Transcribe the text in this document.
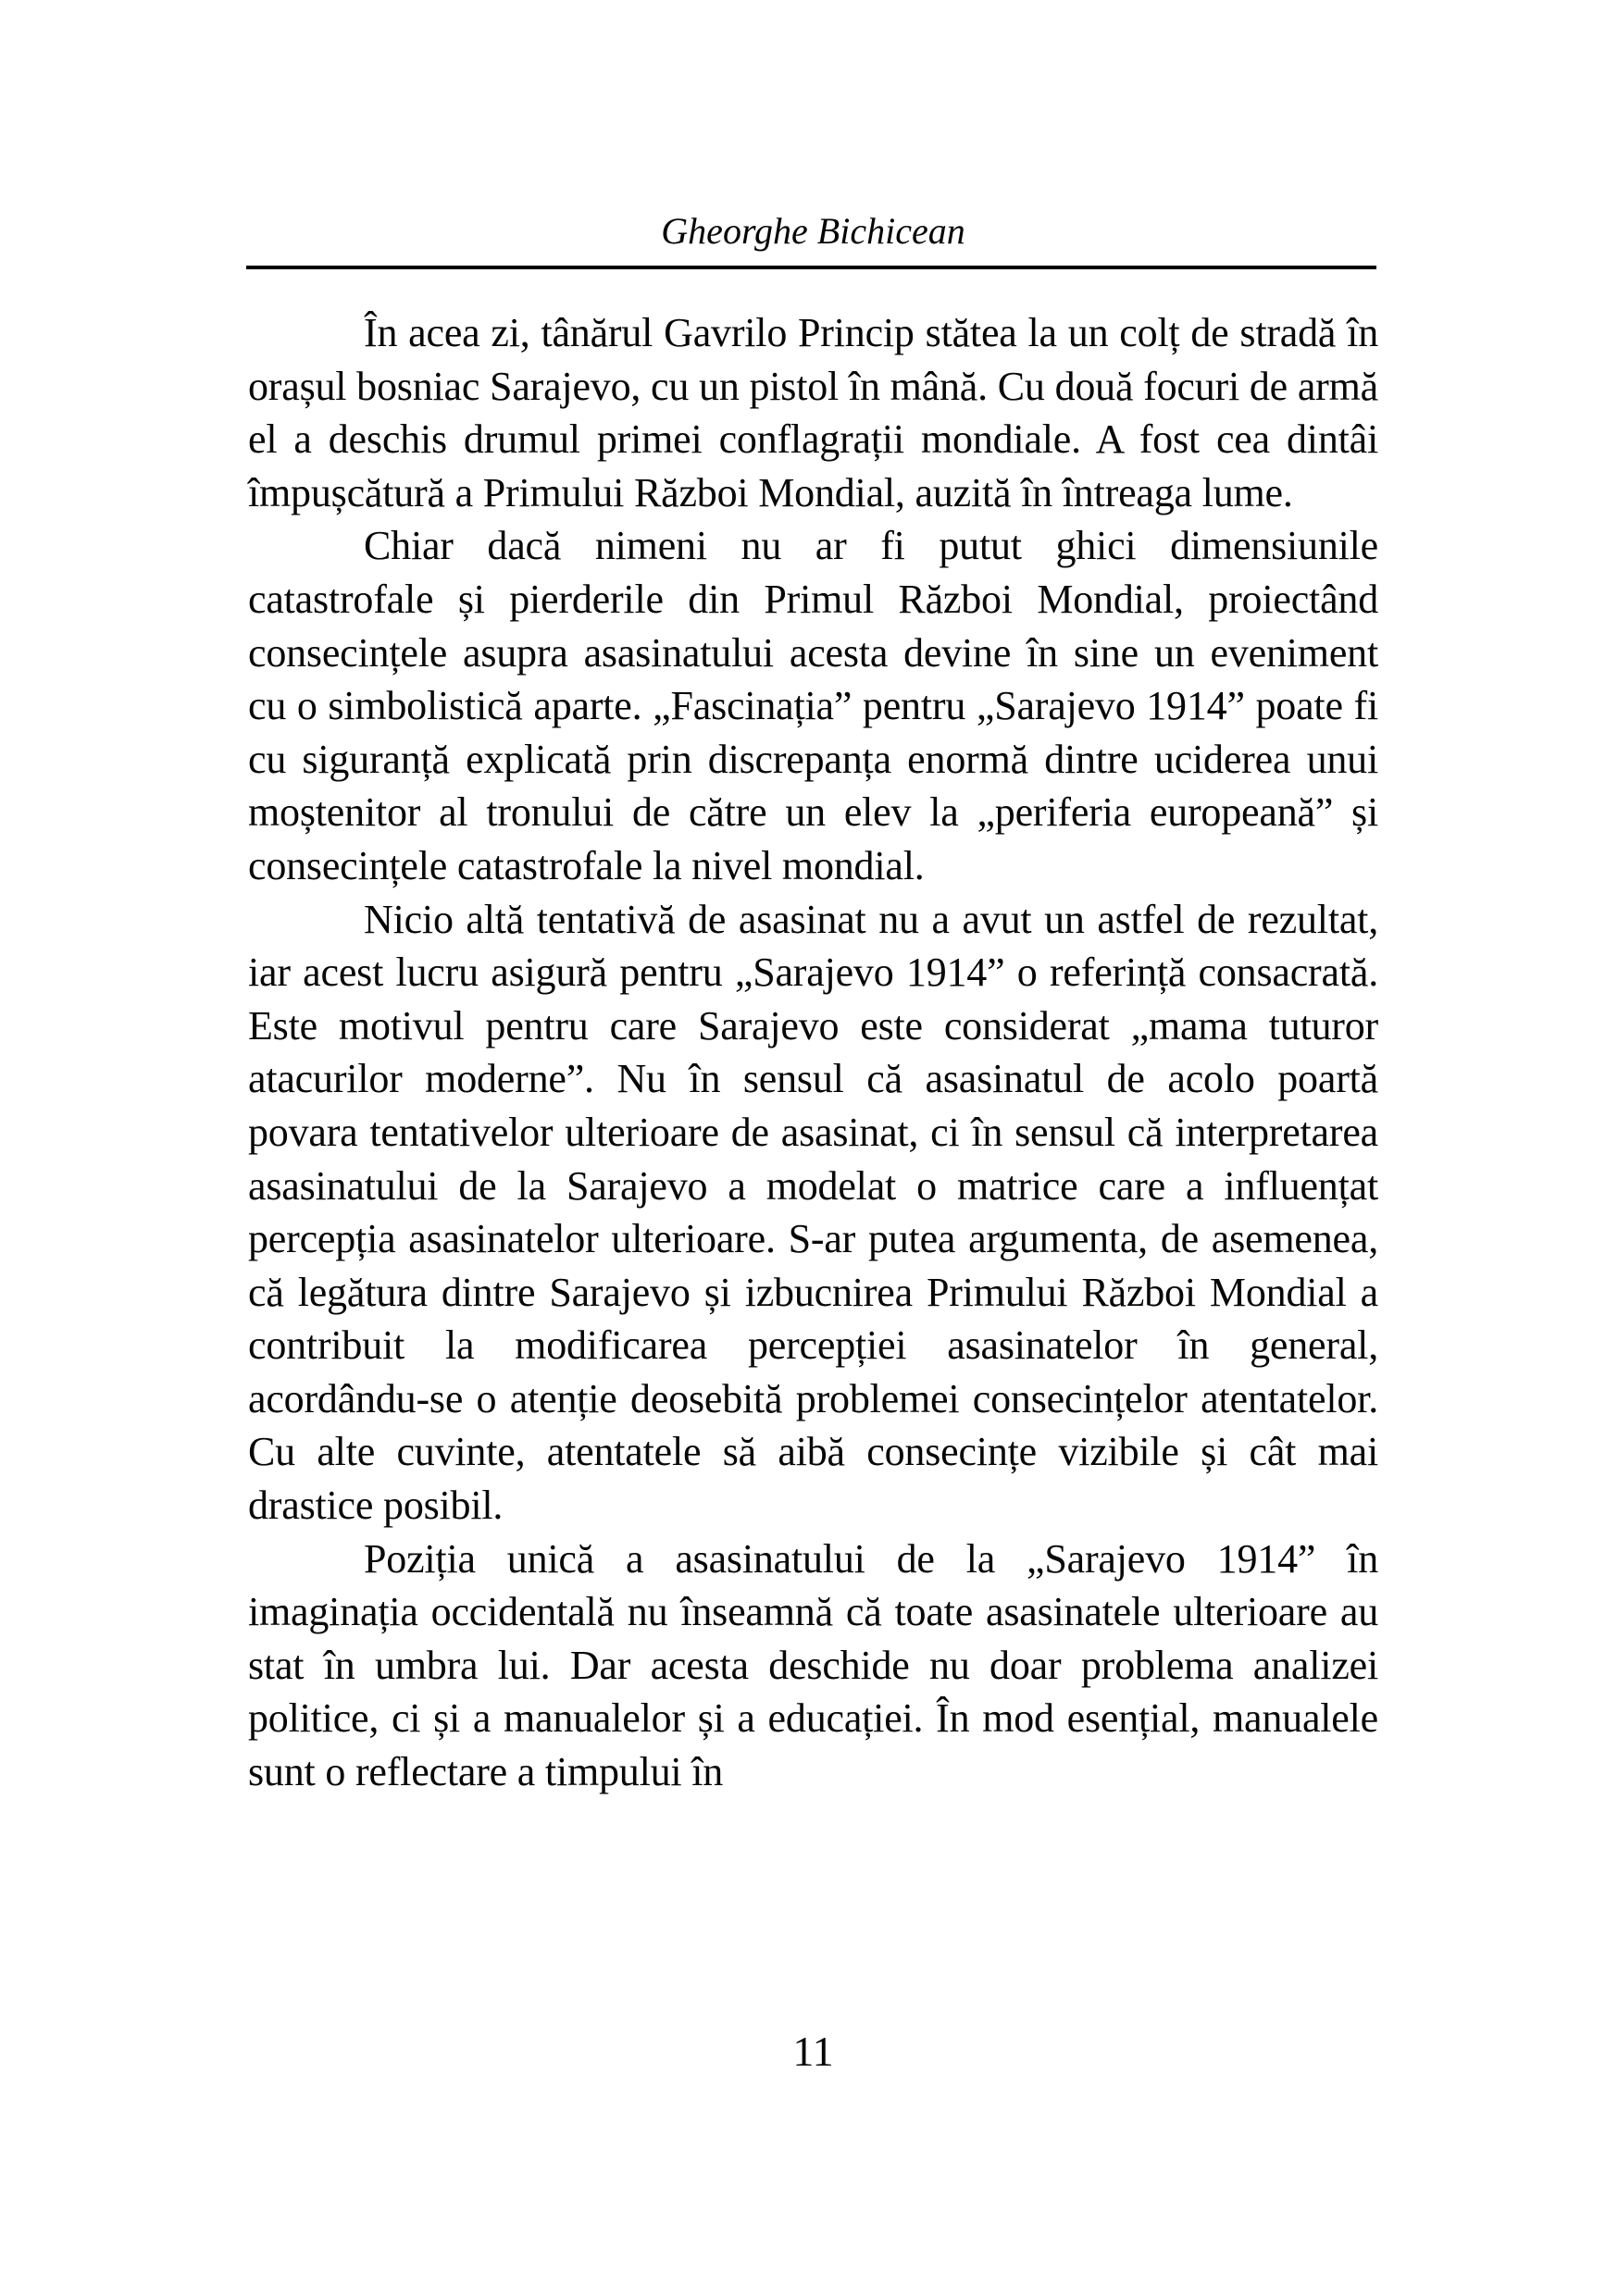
Gheorghe Bichicean

În acea zi, tânărul Gavrilo Princip stătea la un colț de stradă în orașul bosniac Sarajevo, cu un pistol în mână. Cu două focuri de armă el a deschis drumul primei conflagrații mondiale. A fost cea dintâi împușcătură a Primului Război Mondial, auzită în întreaga lume.

Chiar dacă nimeni nu ar fi putut ghici dimensiunile catastrofale și pierderile din Primul Război Mondial, proiectând consecințele asupra asasinatului acesta devine în sine un eveniment cu o simbolistică aparte. „Fascinația” pentru „Sarajevo 1914” poate fi cu siguranță explicată prin discrepanța enormă dintre uciderea unui moștenitor al tronului de către un elev la „periferia europeană” și consecințele catastrofale la nivel mondial.

Nicio altă tentativă de asasinat nu a avut un astfel de rezultat, iar acest lucru asigură pentru „Sarajevo 1914” o referință consacrată. Este motivul pentru care Sarajevo este considerat „mama tuturor atacurilor moderne”. Nu în sensul că asasinatul de acolo poartă povara tentativelor ulterioare de asasinat, ci în sensul că interpretarea asasinatului de la Sarajevo a modelat o matrice care a influențat percepția asasinatelor ulterioare. S-ar putea argumenta, de asemenea, că legătura dintre Sarajevo și izbucnirea Primului Război Mondial a contribuit la modificarea percepției asasinatelor în general, acordându-se o atenție deosebită problemei consecințelor atentatelor. Cu alte cuvinte, atentatele să aibă consecințe vizibile și cât mai drastice posibil.

Poziția unică a asasinatului de la „Sarajevo 1914” în imaginația occidentală nu înseamnă că toate asasinatele ulterioare au stat în umbra lui. Dar acesta deschide nu doar problema analizei politice, ci și a manualelor și a educației. În mod esențial, manualele sunt o reflectare a timpului în

11
